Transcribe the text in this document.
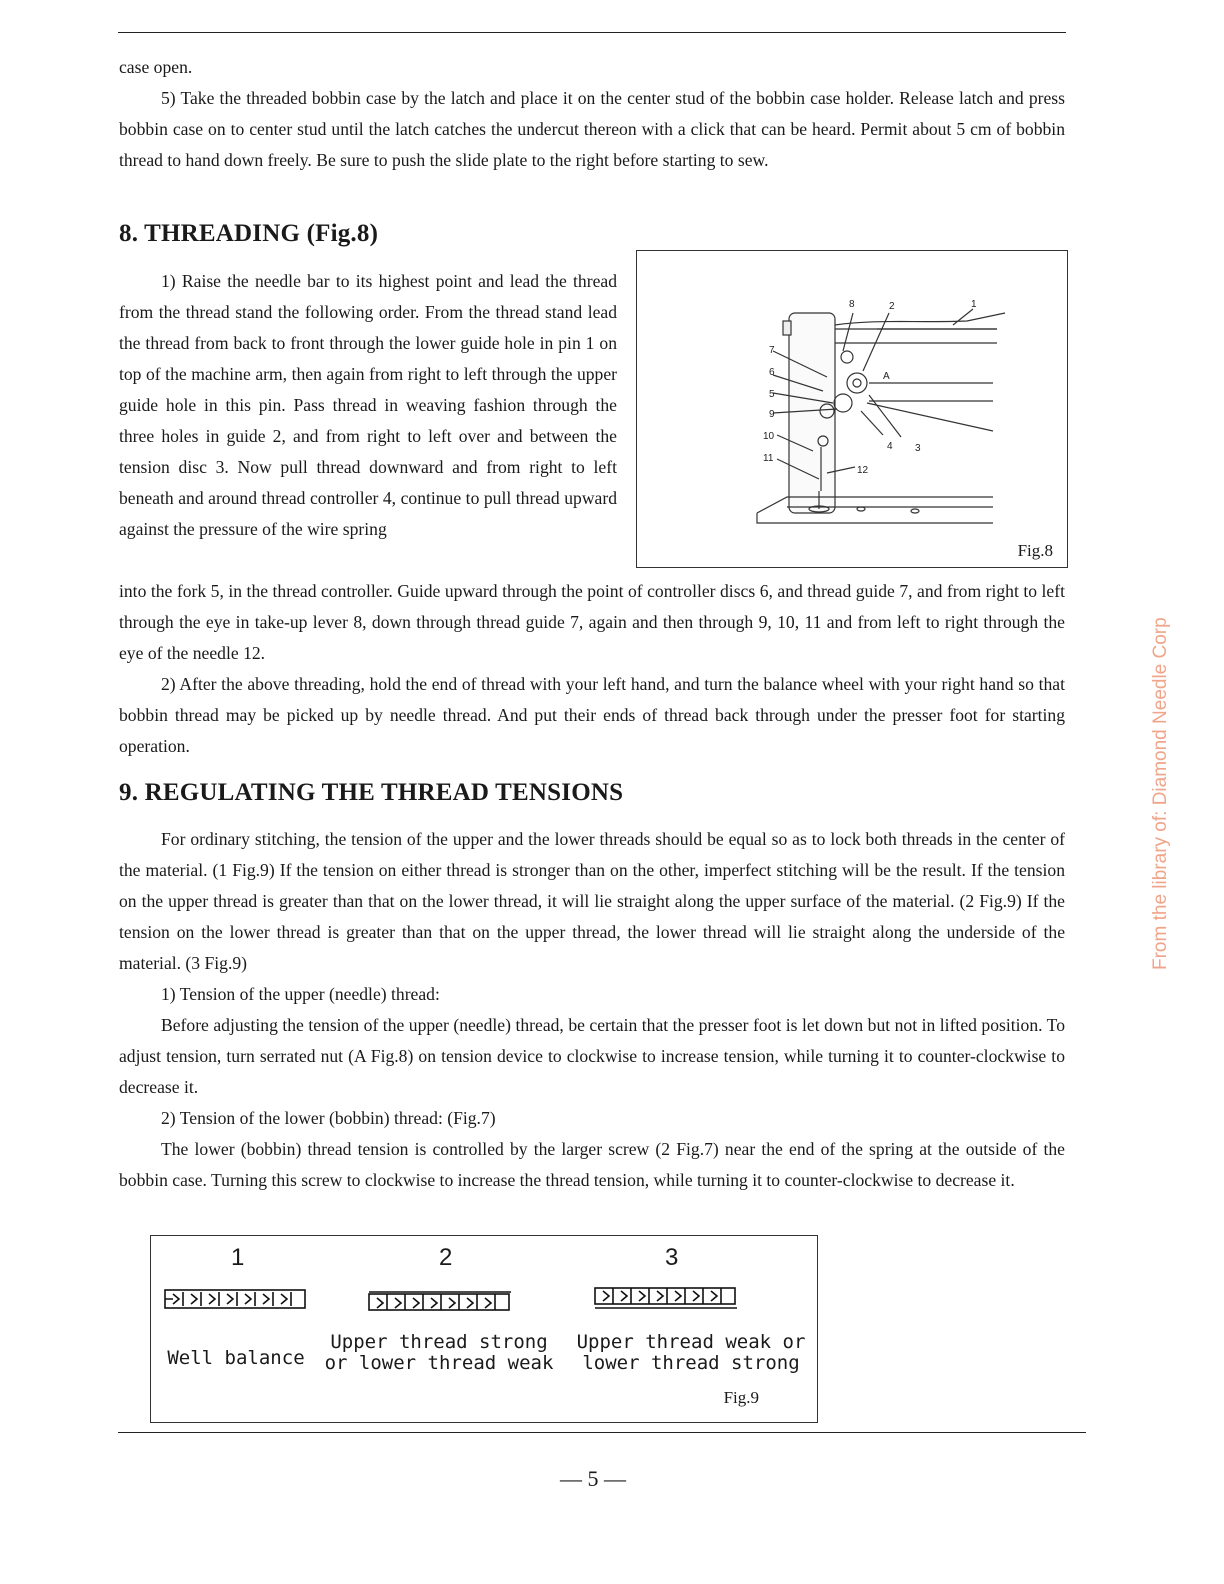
case open.

5) Take the threaded bobbin case by the latch and place it on the center stud of the bobbin case holder. Release latch and press bobbin case on to center stud until the latch catches the undercut thereon with a click that can be heard. Permit about 5 cm of bobbin thread to hand down freely. Be sure to push the slide plate to the right before starting to sew.

8. THREADING (Fig.8)

1) Raise the needle bar to its highest point and lead the thread from the thread stand the following order. From the thread stand lead the thread from back to front through the lower guide hole in pin 1 on top of the machine arm, then again from right to left through the upper guide hole in this pin. Pass thread in weaving fashion through the three holes in guide 2, and from right to left over and between the tension disc 3. Now pull thread downward and from right to left beneath and around thread controller 4, continue to pull thread upward against the pressure of the wire spring

8	2	1
7
6
5
9
10
11
A
4 3
12
Fig.8

into the fork 5, in the thread controller. Guide upward through the point of controller discs 6, and thread guide 7, and from right to left through the eye in take-up lever 8, down through thread guide 7, again and then through 9, 10, 11 and from left to right through the eye of the needle 12.

2) After the above threading, hold the end of thread with your left hand, and turn the balance wheel with your right hand so that bobbin thread may be picked up by needle thread. And put their ends of thread back through under the presser foot for starting operation.

9. REGULATING THE THREAD TENSIONS

For ordinary stitching, the tension of the upper and the lower threads should be equal so as to lock both threads in the center of the material. (1 Fig.9) If the tension on either thread is stronger than on the other, imperfect stitching will be the result. If the tension on the upper thread is greater than that on the lower thread, it will lie straight along the upper surface of the material. (2 Fig.9) If the tension on the lower thread is greater than that on the upper thread, the lower thread will lie straight along the underside of the material. (3 Fig.9)

1) Tension of the upper (needle) thread:

Before adjusting the tension of the upper (needle) thread, be certain that the presser foot is let down but not in lifted position. To adjust tension, turn serrated nut (A Fig.8) on tension device to clockwise to increase tension, while turning it to counter-clockwise to decrease it.

2) Tension of the lower (bobbin) thread: (Fig.7)

The lower (bobbin) thread tension is controlled by the larger screw (2 Fig.7) near the end of the spring at the outside of the bobbin case. Turning this screw to clockwise to increase the thread tension, while turning it to counter-clockwise to decrease it.

1	2	3
Well balance
Upper thread strong
or lower thread weak
Upper thread weak or
lower thread strong
Fig.9
— 5 —
From the library of: Diamond Needle Corp
